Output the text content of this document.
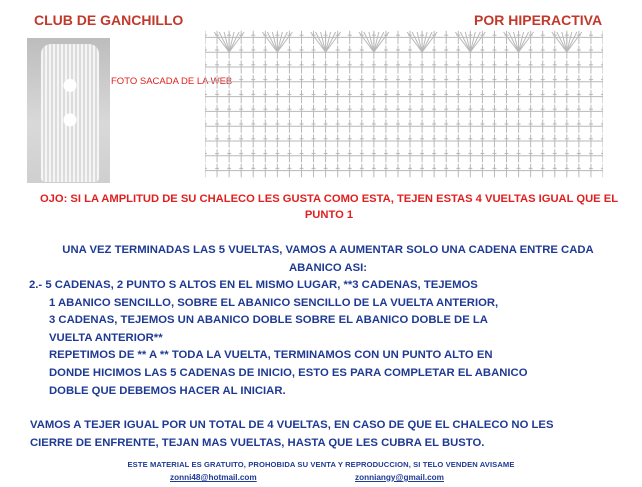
CLUB DE GANCHILLO	POR HIPERACTIVA
FOTO SACADA DE LA WEB
OJO: SI LA AMPLITUD DE SU CHALECO LES GUSTA COMO ESTA, TEJEN ESTAS 4 VUELTAS IGUAL QUE EL PUNTO 1
UNA VEZ TERMINADAS LAS 5 VUELTAS, VAMOS A AUMENTAR SOLO UNA CADENA ENTRE CADA
ABANICO ASI:
2.- 5 CADENAS, 2 PUNTO S ALTOS EN EL MISMO LUGAR, **3 CADENAS, TEJEMOS
1 ABANICO SENCILLO, SOBRE EL ABANICO SENCILLO DE LA VUELTA ANTERIOR,
3 CADENAS, TEJEMOS UN ABANICO DOBLE SOBRE EL ABANICO DOBLE DE LA
VUELTA ANTERIOR**
REPETIMOS DE ** A ** TODA LA VUELTA, TERMINAMOS CON UN PUNTO ALTO EN
DONDE HICIMOS LAS 5 CADENAS DE INICIO, ESTO ES PARA COMPLETAR EL ABANICO
DOBLE QUE DEBEMOS HACER AL INICIAR.
VAMOS A TEJER IGUAL POR UN TOTAL DE 4 VUELTAS, EN CASO DE QUE EL CHALECO NO LES
CIERRE DE ENFRENTE, TEJAN MAS VUELTAS, HASTA QUE LES CUBRA EL BUSTO.
ESTE MATERIAL ES GRATUITO, PROHOBIDA SU VENTA Y REPRODUCCION, SI TELO VENDEN AVISAME
zonni48@hotmail.com	zonniangy@gmail.com
